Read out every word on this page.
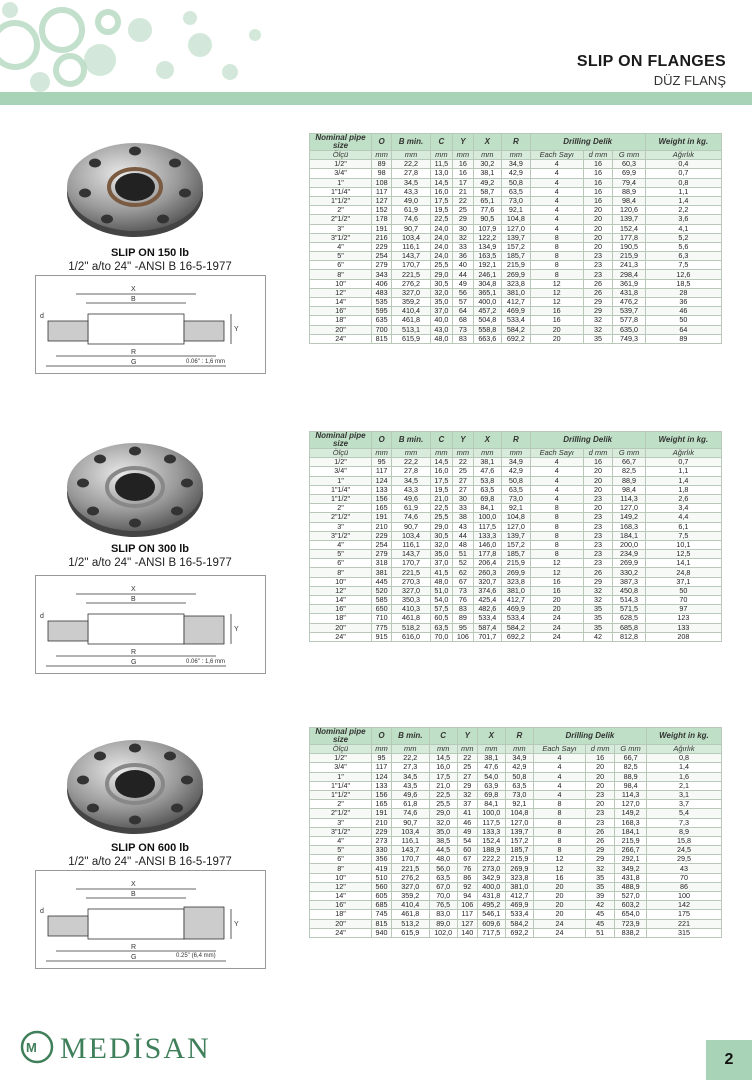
SLIP ON FLANGES
DÜZ FLANŞ
SLIP ON 150 lb
1/2'' a/to 24'' -ANSI B 16-5-1977
X
B
R
G
Y
d
0.06'' : 1,6 mm
Nominal pipe size	O	B min.	C	Y	X	R	Drilling Delik			Weight in kg.
Ölçü	mm	mm	mm	mm	mm	mm	Each Sayı	d mm	G mm	Ağırlık
1/2"	89	22,2	11,5	16	30,2	34,9	4	16	60,3	0,4
3/4"	98	27,8	13,0	16	38,1	42,9	4	16	69,9	0,7
1"	108	34,5	14,5	17	49,2	50,8	4	16	79,4	0,8
1"1/4"	117	43,3	16,0	21	58,7	63,5	4	16	88,9	1,1
1"1/2"	127	49,0	17,5	22	65,1	73,0	4	16	98,4	1,4
2"	152	61,9	19,5	25	77,6	92,1	4	20	120,6	2,2
2"1/2"	178	74,6	22,5	29	90,5	104,8	4	20	139,7	3,6
3"	191	90,7	24,0	30	107,9	127,0	4	20	152,4	4,1
3"1/2"	216	103,4	24,0	32	122,2	139,7	8	20	177,8	5,2
4"	229	116,1	24,0	33	134,9	157,2	8	20	190,5	5,6
5"	254	143,7	24,0	36	163,5	185,7	8	23	215,9	6,3
6"	279	170,7	25,5	40	192,1	215,9	8	23	241,3	7,5
8"	343	221,5	29,0	44	246,1	269,9	8	23	298,4	12,6
10"	406	276,2	30,5	49	304,8	323,8	12	26	361,9	18,5
12"	483	327,0	32,0	56	365,1	381,0	12	26	431,8	28
14"	535	359,2	35,0	57	400,0	412,7	12	29	476,2	36
16"	595	410,4	37,0	64	457,2	469,9	16	29	539,7	46
18"	635	461,8	40,0	68	504,8	533,4	16	32	577,8	50
20"	700	513,1	43,0	73	558,8	584,2	20	32	635,0	64
24"	815	615,9	48,0	83	663,6	692,2	20	35	749,3	89
SLIP ON 300 lb
1/2'' a/to 24'' -ANSI B 16-5-1977
X
B
R
G
Y
d
0.06'' : 1,6 mm
Nominal pipe size	O	B min.	C	Y	X	R	Drilling Delik			Weight in kg.
Ölçü	mm	mm	mm	mm	mm	mm	Each Sayı	d mm	G mm	Ağırlık
1/2"	95	22,2	14,5	22	38,1	34,9	4	16	66,7	0,7
3/4"	117	27,8	16,0	25	47,6	42,9	4	20	82,5	1,1
1"	124	34,5	17,5	27	53,8	50,8	4	20	88,9	1,4
1"1/4"	133	43,3	19,5	27	63,5	63,5	4	20	98,4	1,8
1"1/2"	156	49,6	21,0	30	69,8	73,0	4	23	114,3	2,6
2"	165	61,9	22,5	33	84,1	92,1	8	20	127,0	3,4
2"1/2"	191	74,6	25,5	38	100,0	104,8	8	23	149,2	4,4
3"	210	90,7	29,0	43	117,5	127,0	8	23	168,3	6,1
3"1/2"	229	103,4	30,5	44	133,3	139,7	8	23	184,1	7,5
4"	254	116,1	32,0	48	146,0	157,2	8	23	200,0	10,1
5"	279	143,7	35,0	51	177,8	185,7	8	23	234,9	12,5
6"	318	170,7	37,0	52	206,4	215,9	12	23	269,9	14,1
8"	381	221,5	41,5	62	260,3	269,9	12	26	330,2	24,8
10"	445	270,3	48,0	67	320,7	323,8	16	29	387,3	37,1
12"	520	327,0	51,0	73	374,6	381,0	16	32	450,8	50
14"	585	350,3	54,0	76	425,4	412,7	20	32	514,3	70
16"	650	410,3	57,5	83	482,6	469,9	20	35	571,5	97
18"	710	461,8	60,5	89	533,4	533,4	24	35	628,5	123
20"	775	518,2	63,5	95	587,4	584,2	24	35	685,8	133
24"	915	616,0	70,0	106	701,7	692,2	24	42	812,8	208
SLIP ON 600 lb
1/2'' a/to 24'' -ANSI B 16-5-1977
X
B
R
G
Y
d
0.25'' (6,4 mm)
Nominal pipe size	O	B min.	C	Y	X	R	Drilling Delik			Weight in kg.
Ölçü	mm	mm	mm	mm	mm	mm	Each Sayı	d mm	G mm	Ağırlık
1/2"	95	22,2	14,5	22	38,1	34,9	4	16	66,7	0,8
3/4"	117	27,3	16,0	25	47,6	42,9	4	20	82,5	1,4
1"	124	34,5	17,5	27	54,0	50,8	4	20	88,9	1,6
1"1/4"	133	43,5	21,0	29	63,9	63,5	4	20	98,4	2,1
1"1/2"	156	49,6	22,5	32	69,8	73,0	4	23	114,3	3,1
2"	165	61,8	25,5	37	84,1	92,1	8	20	127,0	3,7
2"1/2"	191	74,6	29,0	41	100,0	104,8	8	23	149,2	5,4
3"	210	90,7	32,0	46	117,5	127,0	8	23	168,3	7,3
3"1/2"	229	103,4	35,0	49	133,3	139,7	8	26	184,1	8,9
4"	273	116,1	38,5	54	152,4	157,2	8	26	215,9	15,8
5"	330	143,7	44,5	60	188,9	185,7	8	29	266,7	24,5
6"	356	170,7	48,0	67	222,2	215,9	12	29	292,1	29,5
8"	419	221,5	56,0	76	273,0	269,9	12	32	349,2	43
10"	510	276,2	63,5	86	342,9	323,8	16	35	431,8	70
12"	560	327,0	67,0	92	400,0	381,0	20	35	488,9	86
14"	605	359,2	70,0	94	431,8	412,7	20	39	527,0	100
16"	685	410,4	76,5	106	495,2	469,9	20	42	603,2	142
18"	745	461,8	83,0	117	546,1	533,4	20	45	654,0	175
20"	815	513,2	89,0	127	609,6	584,2	24	45	723,9	221
24"	940	615,9	102,0	140	717,5	692,2	24	51	838,2	315
M MEDİSAN	2
